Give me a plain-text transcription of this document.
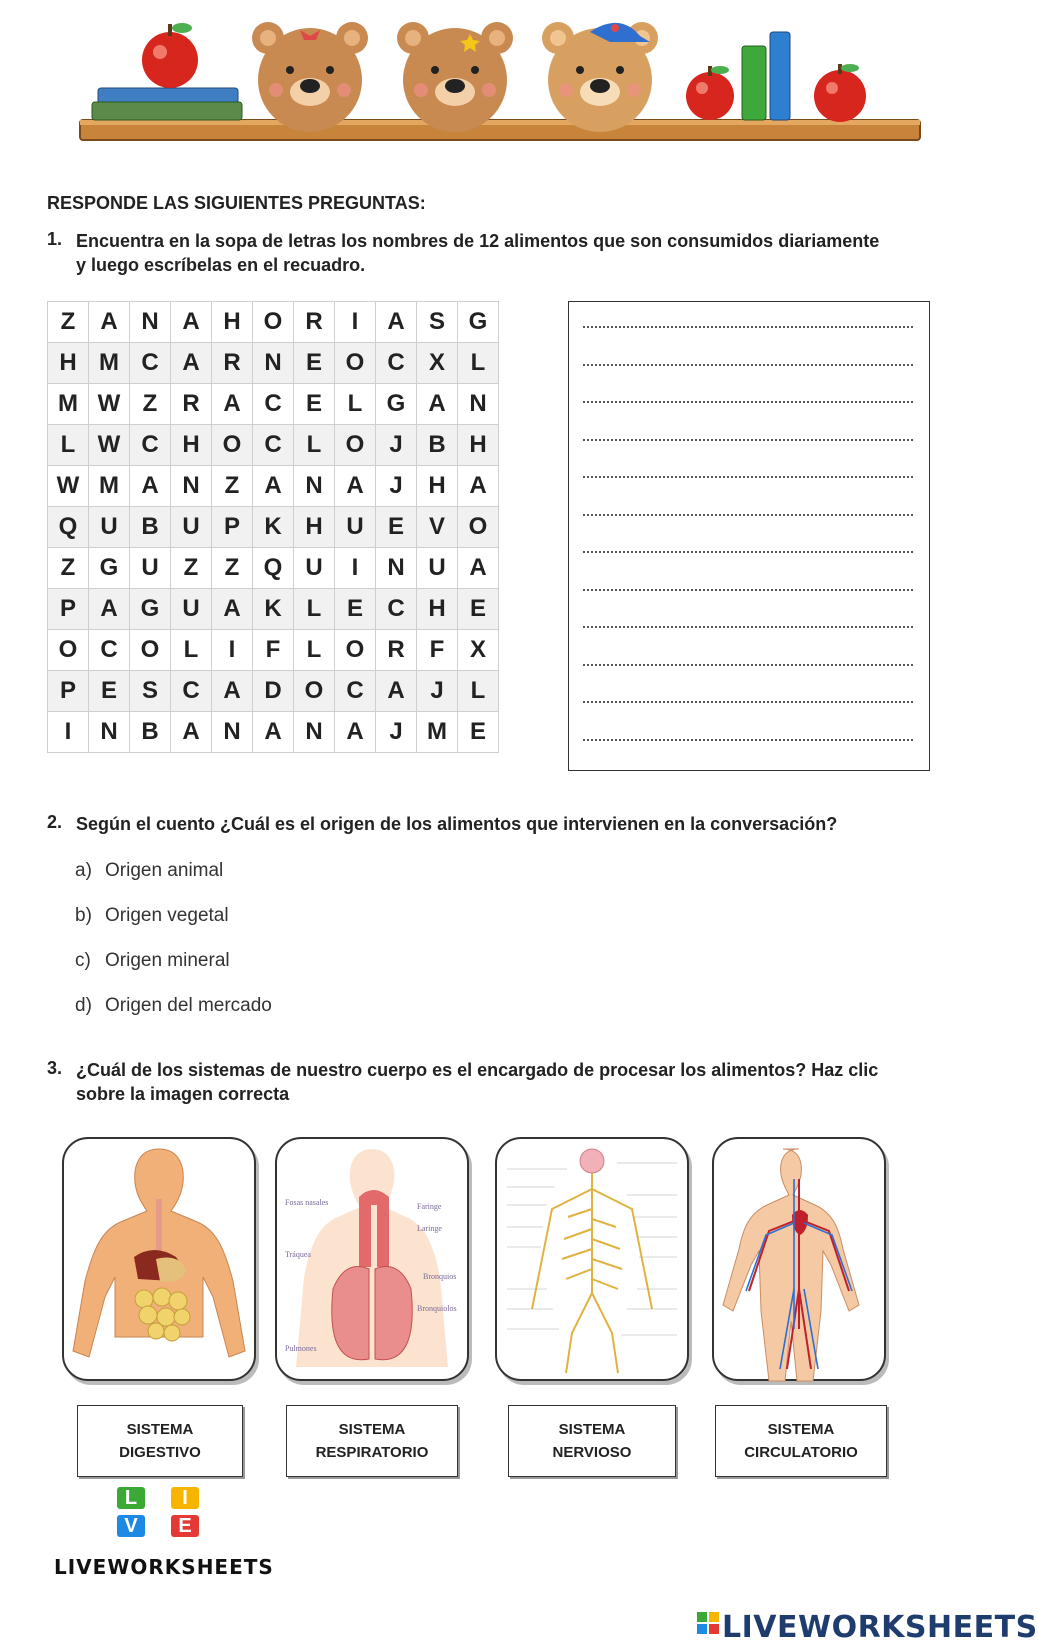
RESPONDE LAS SIGUIENTES PREGUNTAS:
1. Encuentra en la sopa de letras los nombres de 12 alimentos que son consumidos diariamente
y luego escríbelas en el recuadro.
Z	A	N	A	H	O	R	I	A	S	G
H	M	C	A	R	N	E	O	C	X	L
M	W	Z	R	A	C	E	L	G	A	N
L	W	C	H	O	C	L	O	J	B	H
W	M	A	N	Z	A	N	A	J	H	A
Q	U	B	U	P	K	H	U	E	V	O
Z	G	U	Z	Z	Q	U	I	N	U	A
P	A	G	U	A	K	L	E	C	H	E
O	C	O	L	I	F	L	O	R	F	X
P	E	S	C	A	D	O	C	A	J	L
I	N	B	A	N	A	N	A	J	M	E
2. Según el cuento ¿Cuál es el origen de los alimentos que intervienen en la conversación?
a) Origen animal
b) Origen vegetal
c) Origen mineral
d) Origen del mercado
3. ¿Cuál de los sistemas de nuestro cuerpo es el encargado de procesar los alimentos? Haz clic
sobre la imagen correcta
Fosas nasales	Faringe
Laringe
Tráquea
Bronquios
Bronquiolos
Pulmones
SISTEMA
DIGESTIVO
SISTEMA
RESPIRATORIO
SISTEMA
NERVIOSO
SISTEMA
CIRCULATORIO
L	I
V	E
LIVEWORKSHEETS
LIVEWORKSHEETS
